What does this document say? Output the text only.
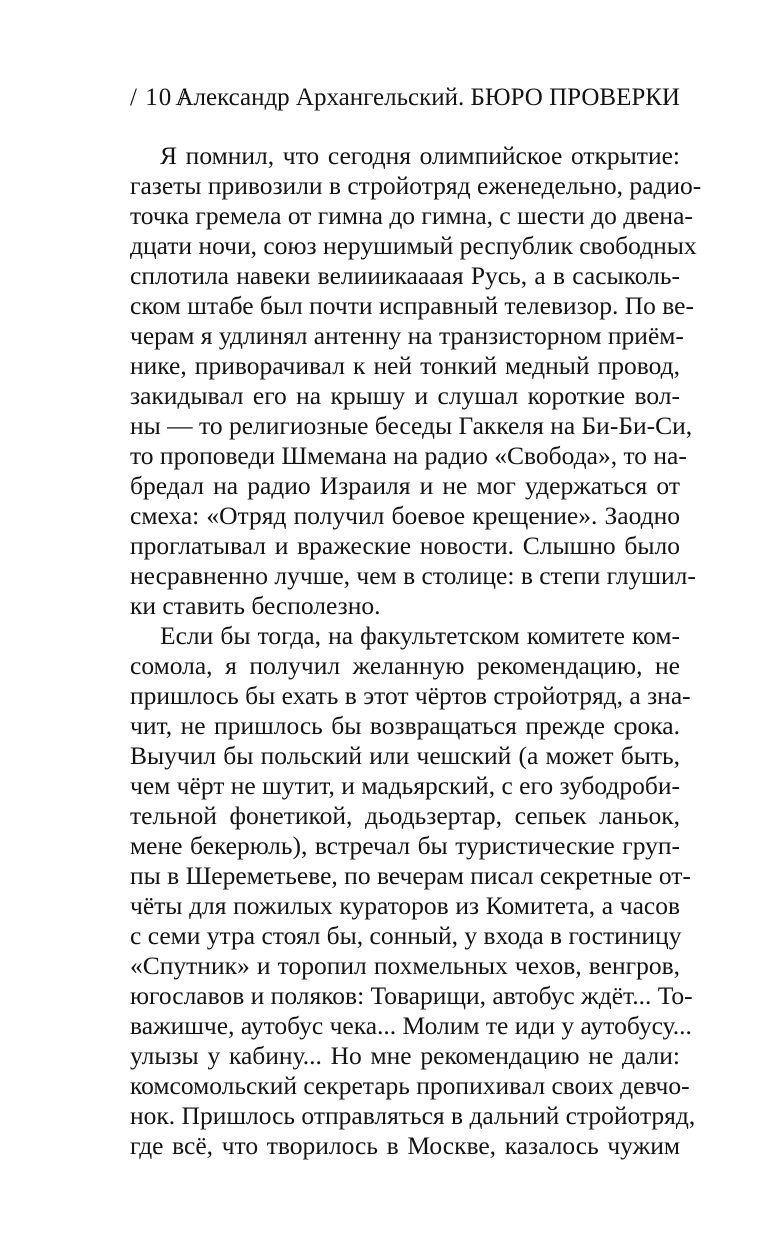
/ 10 /
Александр Архангельский. БЮРО ПРОВЕРКИ
Я помнил, что сегодня олимпийское открытие:
газеты привозили в стройотряд еженедельно, радио-
точка гремела от гимна до гимна, с шести до двена-
дцати ночи, союз нерушимый республик свободных
сплотила навеки велииикаааая Русь, а в сасыколь-
ском штабе был почти исправный телевизор. По ве-
черам я удлинял антенну на транзисторном приём-
нике, приворачивал к ней тонкий медный провод,
закидывал его на крышу и слушал короткие вол-
ны — то религиозные беседы Гаккеля на Би-Би-Си,
то проповеди Шмемана на радио «Свобода», то на-
бредал на радио Израиля и не мог удержаться от
смеха: «Отряд получил боевое крещение». Заодно
проглатывал и вражеские новости. Слышно было
несравненно лучше, чем в столице: в степи глушил-
ки ставить бесполезно.
Если бы тогда, на факультетском комитете ком-
сомола, я получил желанную рекомендацию, не
пришлось бы ехать в этот чёртов стройотряд, а зна-
чит, не пришлось бы возвращаться прежде срока.
Выучил бы польский или чешский (а может быть,
чем чёрт не шутит, и мадьярский, с его зубодроби-
тельной фонетикой, дьодьзертар, сепьек ланьок,
мене бекерюль), встречал бы туристические груп-
пы в Шереметьеве, по вечерам писал секретные от-
чёты для пожилых кураторов из Комитета, а часов
с семи утра стоял бы, сонный, у входа в гостиницу
«Спутник» и торопил похмельных чехов, венгров,
югославов и поляков: Товарищи, автобус ждёт... То-
важишче, аутобус чека... Молим те иди у аутобусу...
улызы у кабину... Но мне рекомендацию не дали:
комсомольский секретарь пропихивал своих девчо-
нок. Пришлось отправляться в дальний стройотряд,
где всё, что творилось в Москве, казалось чужим
